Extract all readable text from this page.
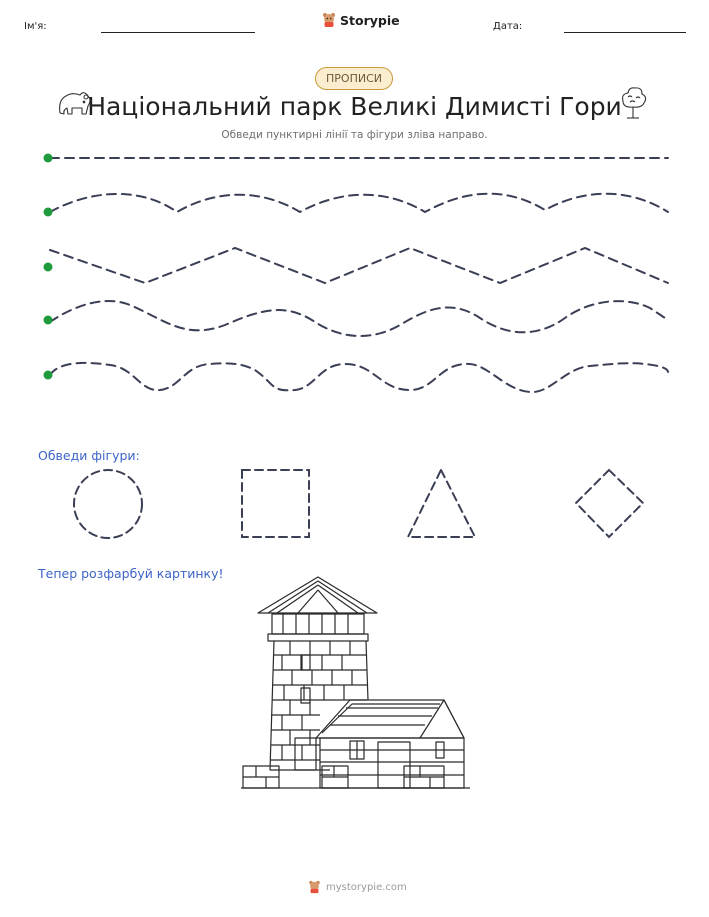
Ім'я:	Storypie	Дата:
ПРОПИСИ
Національний парк Великі Димисті Гори
Обведи пунктирні лінії та фігури зліва направо.
Обведи фігури:
Тепер розфарбуй картинку!
mystorypie.com
